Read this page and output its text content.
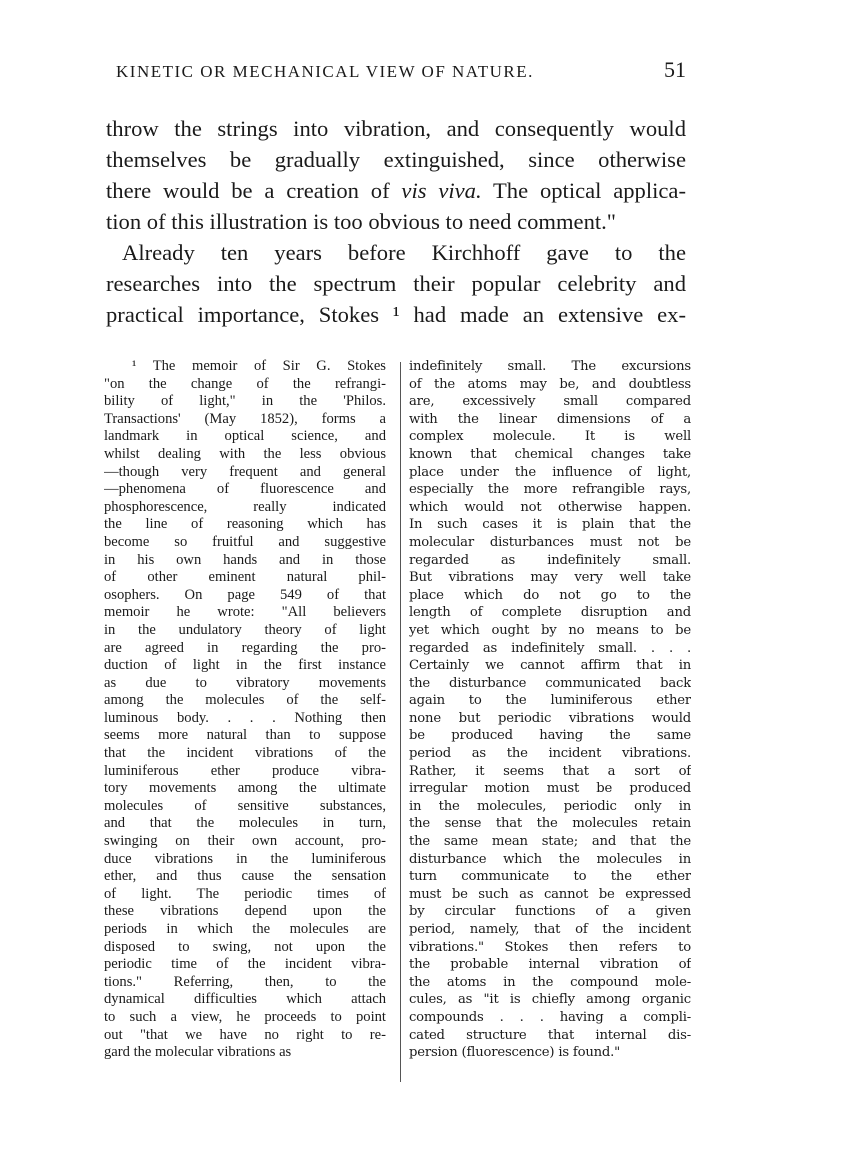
KINETIC OR MECHANICAL VIEW OF NATURE.	51
throw the strings into vibration, and consequently would
themselves be gradually extinguished, since otherwise
there would be a creation of vis viva. The optical applica-
tion of this illustration is too obvious to need comment."
Already ten years before Kirchhoff gave to the
researches into the spectrum their popular celebrity and
practical importance, Stokes ¹ had made an extensive ex-
¹ The memoir of Sir G. Stokes
"on the change of the refrangi-
bility of light," in the 'Philos.
Transactions' (May 1852), forms a
landmark in optical science, and
whilst dealing with the less obvious
—though very frequent and general
—phenomena of fluorescence and
phosphorescence, really indicated
the line of reasoning which has
become so fruitful and suggestive
in his own hands and in those
of other eminent natural phil-
osophers. On page 549 of that
memoir he wrote: "All believers
in the undulatory theory of light
are agreed in regarding the pro-
duction of light in the first instance
as due to vibratory movements
among the molecules of the self-
luminous body. . . . Nothing then
seems more natural than to suppose
that the incident vibrations of the
luminiferous ether produce vibra-
tory movements among the ultimate
molecules of sensitive substances,
and that the molecules in turn,
swinging on their own account, pro-
duce vibrations in the luminiferous
ether, and thus cause the sensation
of light. The periodic times of
these vibrations depend upon the
periods in which the molecules are
disposed to swing, not upon the
periodic time of the incident vibra-
tions." Referring, then, to the
dynamical difficulties which attach
to such a view, he proceeds to point
out "that we have no right to re-
gard the molecular vibrations as
indefinitely small. The excursions
of the atoms may be, and doubtless
are, excessively small compared
with the linear dimensions of a
complex molecule. It is well
known that chemical changes take
place under the influence of light,
especially the more refrangible rays,
which would not otherwise happen.
In such cases it is plain that the
molecular disturbances must not be
regarded as indefinitely small.
But vibrations may very well take
place which do not go to the
length of complete disruption and
yet which ought by no means to be
regarded as indefinitely small. . . .
Certainly we cannot affirm that in
the disturbance communicated back
again to the luminiferous ether
none but periodic vibrations would
be produced having the same
period as the incident vibrations.
Rather, it seems that a sort of
irregular motion must be produced
in the molecules, periodic only in
the sense that the molecules retain
the same mean state; and that the
disturbance which the molecules in
turn communicate to the ether
must be such as cannot be expressed
by circular functions of a given
period, namely, that of the incident
vibrations." Stokes then refers to
the probable internal vibration of
the atoms in the compound mole-
cules, as "it is chiefly among organic
compounds . . . having a compli-
cated structure that internal dis-
persion (fluorescence) is found."
